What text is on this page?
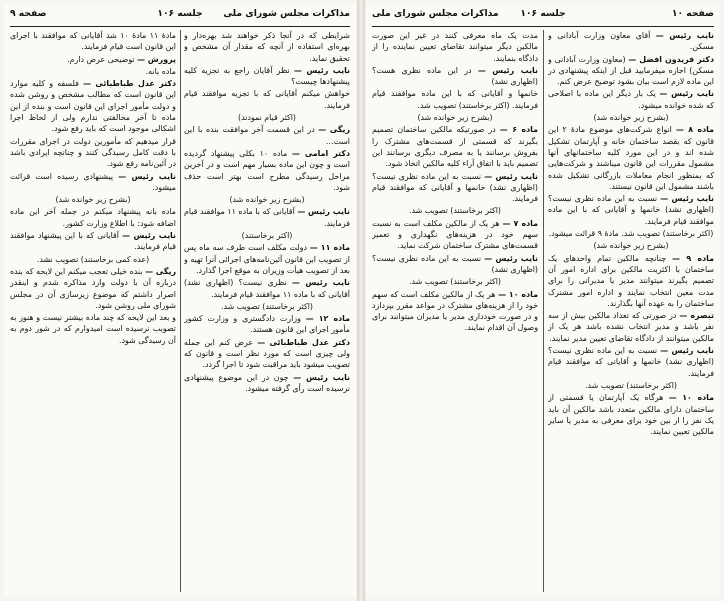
مذاکرات مجلس شورای ملی
جلسه ۱۰۶
صفحه ۹

شرایطی که در آنجا ذکر خواهند شد بهره‌دار و بهره‌ای استفاده از آنچه که مقدار آن مشخص و تحقیق نماید.

نایب رئیس — نظر آقایان راجع به تجزیه کلیه پیشنهادها چیست؟

خواهش میکنم آقایانی که با تجزیه موافقند قیام فرمایند.

(اکثر قیام نمودند)

ریگی — در این قسمت آخر موافقت بنده با این است...

دکتر امامی — ماده ۱۰ بکلی پیشنهاد گردیده است و چون این ماده بسیار مهم است و در آخرین مراحل رسیدگی مطرح است بهتر است حذف شود.

(بشرح زیر خوانده شد)

نایب رئیس — آقایانی که با ماده ۱۱ موافقند قیام فرمایند.

(اکثر برخاستند)

ماده ۱۱ — دولت مکلف است طرف سه ماه پس از تصویب این قانون آئین‌نامه‌های اجرائی آنرا تهیه و بعد از تصویب هیأت وزیران به موقع اجرا گذارد.

نایب رئیس — نظری نیست؟ (اظهاری نشد) آقایانی که با ماده ۱۱ موافقند قیام فرمایند.

(اکثر برخاستند) تصویب شد.

ماده ۱۲ — وزارت دادگستری و وزارت کشور مأمور اجرای این قانون هستند.

دکتر عدل طباطبائی — عرض کنم این جمله ولی چیزی است که مورد نظر است و قانون که تصویب میشود باید مراقبت شود تا اجرا گردد.

نایب رئیس — چون در این موضوع پیشنهادی نرسیده است رأی گرفته میشود.

مادهٔ ۱۱ مادهٔ ۱۰ شد آقایانی که موافقند با اجرای این قانون است قیام فرمایند.

پرورش — توضیحی عرض دارم.

ماده بانه.

دکتر عدل طباطبائی — فلسفه و کلیه موارد این قانون است که مطالب مشخص و روشن شده و دولت مأمور اجرای این قانون است و بنده از این ماده تا آخر مخالفتی ندارم ولی از لحاظ اجرا اشکالی موجود است که باید رفع شود.

قرار میدهیم که مأمورین دولت در اجرای مقررات با دقت کامل رسیدگی کنند و چنانچه ایرادی باشد در آئین‌نامه رفع شود.

نایب رئیس — پیشنهادی رسیده است قرائت میشود.

(بشرح زیر خوانده شد)

ماده بانه پیشنهاد میکنم در جمله آخر این ماده اضافه شود: با اطلاع وزارت کشور.

نایب رئیس — آقایانی که با این پیشنهاد موافقند قیام فرمایند.

(عده کمی برخاستند) تصویب نشد.

ریگی — بنده خیلی تعجب میکنم این لایحه که بنده درباره آن با دولت وارد مذاکره شدم و اینقدر اصرار داشتم که موضوع زیرسازی آن در مجلس شورای ملی روشن شود.

و بعد این لایحه که چند ماده بیشتر نیست و هنوز به تصویب نرسیده است امیدوارم که در شور دوم به آن رسیدگی شود.

صفحه ۱۰
جلسه ۱۰۶
مذاکرات مجلس شورای ملی

نایب رئیس — آقای معاون وزارت آبادانی و مسکن.

دکتر فریدون افضل — (معاون وزارت آبادانی و مسکن) اجازه میفرمایید قبل از اینکه پیشنهادی در این ماده لازم است بیان بشود توضیح عرض کنم.

نایب رئیس — یک بار دیگر این ماده با اصلاحی که شده خوانده میشود.

(بشرح زیر خوانده شد)

ماده ۸ — انواع شرکت‌های موضوع مادهٔ ۲ این قانون که بقصد ساختمان خانه و آپارتمان تشکیل شده اند و در این مورد کلیه ساختمانهای آنها مشمول مقررات این قانون میباشند و شرکت‌هایی که بمنظور انجام معاملات بازرگانی تشکیل شده باشند مشمول این قانون نیستند.

نایب رئیس — نسبت به این ماده نظری نیست؟ (اظهاری نشد) خانمها و آقایانی که با این ماده موافقند قیام فرمایند.

(اکثر برخاستند) تصویب شد. مادهٔ ۹ قرائت میشود.

(بشرح زیر خوانده شد)

ماده ۹ — چنانچه مالکین تمام واحدهای یک ساختمان با اکثریت مالکین برای اداره امور آن تصمیم بگیرند میتوانند مدیر یا مدیرانی را برای مدت معین انتخاب نمایند و اداره امور مشترک ساختمان را به عهده آنها بگذارند.

تبصره — در صورتی که تعداد مالکین بیش از سه نفر باشد و مدیر انتخاب نشده باشد هر یک از مالکین میتوانند از دادگاه تقاضای تعیین مدیر نمایند.

نایب رئیس — نسبت به این ماده نظری نیست؟ (اظهاری نشد) خانمها و آقایانی که موافقند قیام فرمایند.

(اکثر برخاستند) تصویب شد.

ماده ۱۰ — هرگاه یک آپارتمان یا قسمتی از ساختمان دارای مالکین متعدد باشد مالکین آن باید یک نفر را از بین خود برای معرفی به مدیر یا سایر مالکین تعیین نمایند.

مدت یک ماه معرفی کنند در غیر این صورت مالکین دیگر میتوانند تقاضای تعیین نماینده را از دادگاه بنمایند.

نایب رئیس — در این ماده نظری هست؟ (اظهاری نشد)

خانمها و آقایانی که با این ماده موافقند قیام فرمایند. (اکثر برخاستند) تصویب شد.

(بشرح زیر خوانده شد)

ماده ۶ — در صورتیکه مالکین ساختمان تصمیم بگیرند که قسمتی از قسمت‌های مشترک را بفروش برسانند یا به مصرف دیگری برسانند این تصمیم باید با اتفاق آراء کلیه مالکین اتخاذ شود.

نایب رئیس — نسبت به این ماده نظری نیست؟ (اظهاری نشد) خانمها و آقایانی که موافقند قیام فرمایند.

(اکثر برخاستند) تصویب شد.

ماده ۷ — هر یک از مالکین مکلف است به نسبت سهم خود در هزینه‌های نگهداری و تعمیر قسمت‌های مشترک ساختمان شرکت نماید.

نایب رئیس — نسبت به این ماده نظری نیست؟ (اظهاری نشد)

(اکثر برخاستند) تصویب شد.

ماده ۱۰ — هر یک از مالکین مکلف است که سهم خود را از هزینه‌های مشترک در مواعد مقرر بپردازد و در صورت خودداری مدیر یا مدیران میتوانند برای وصول آن اقدام نمایند.
